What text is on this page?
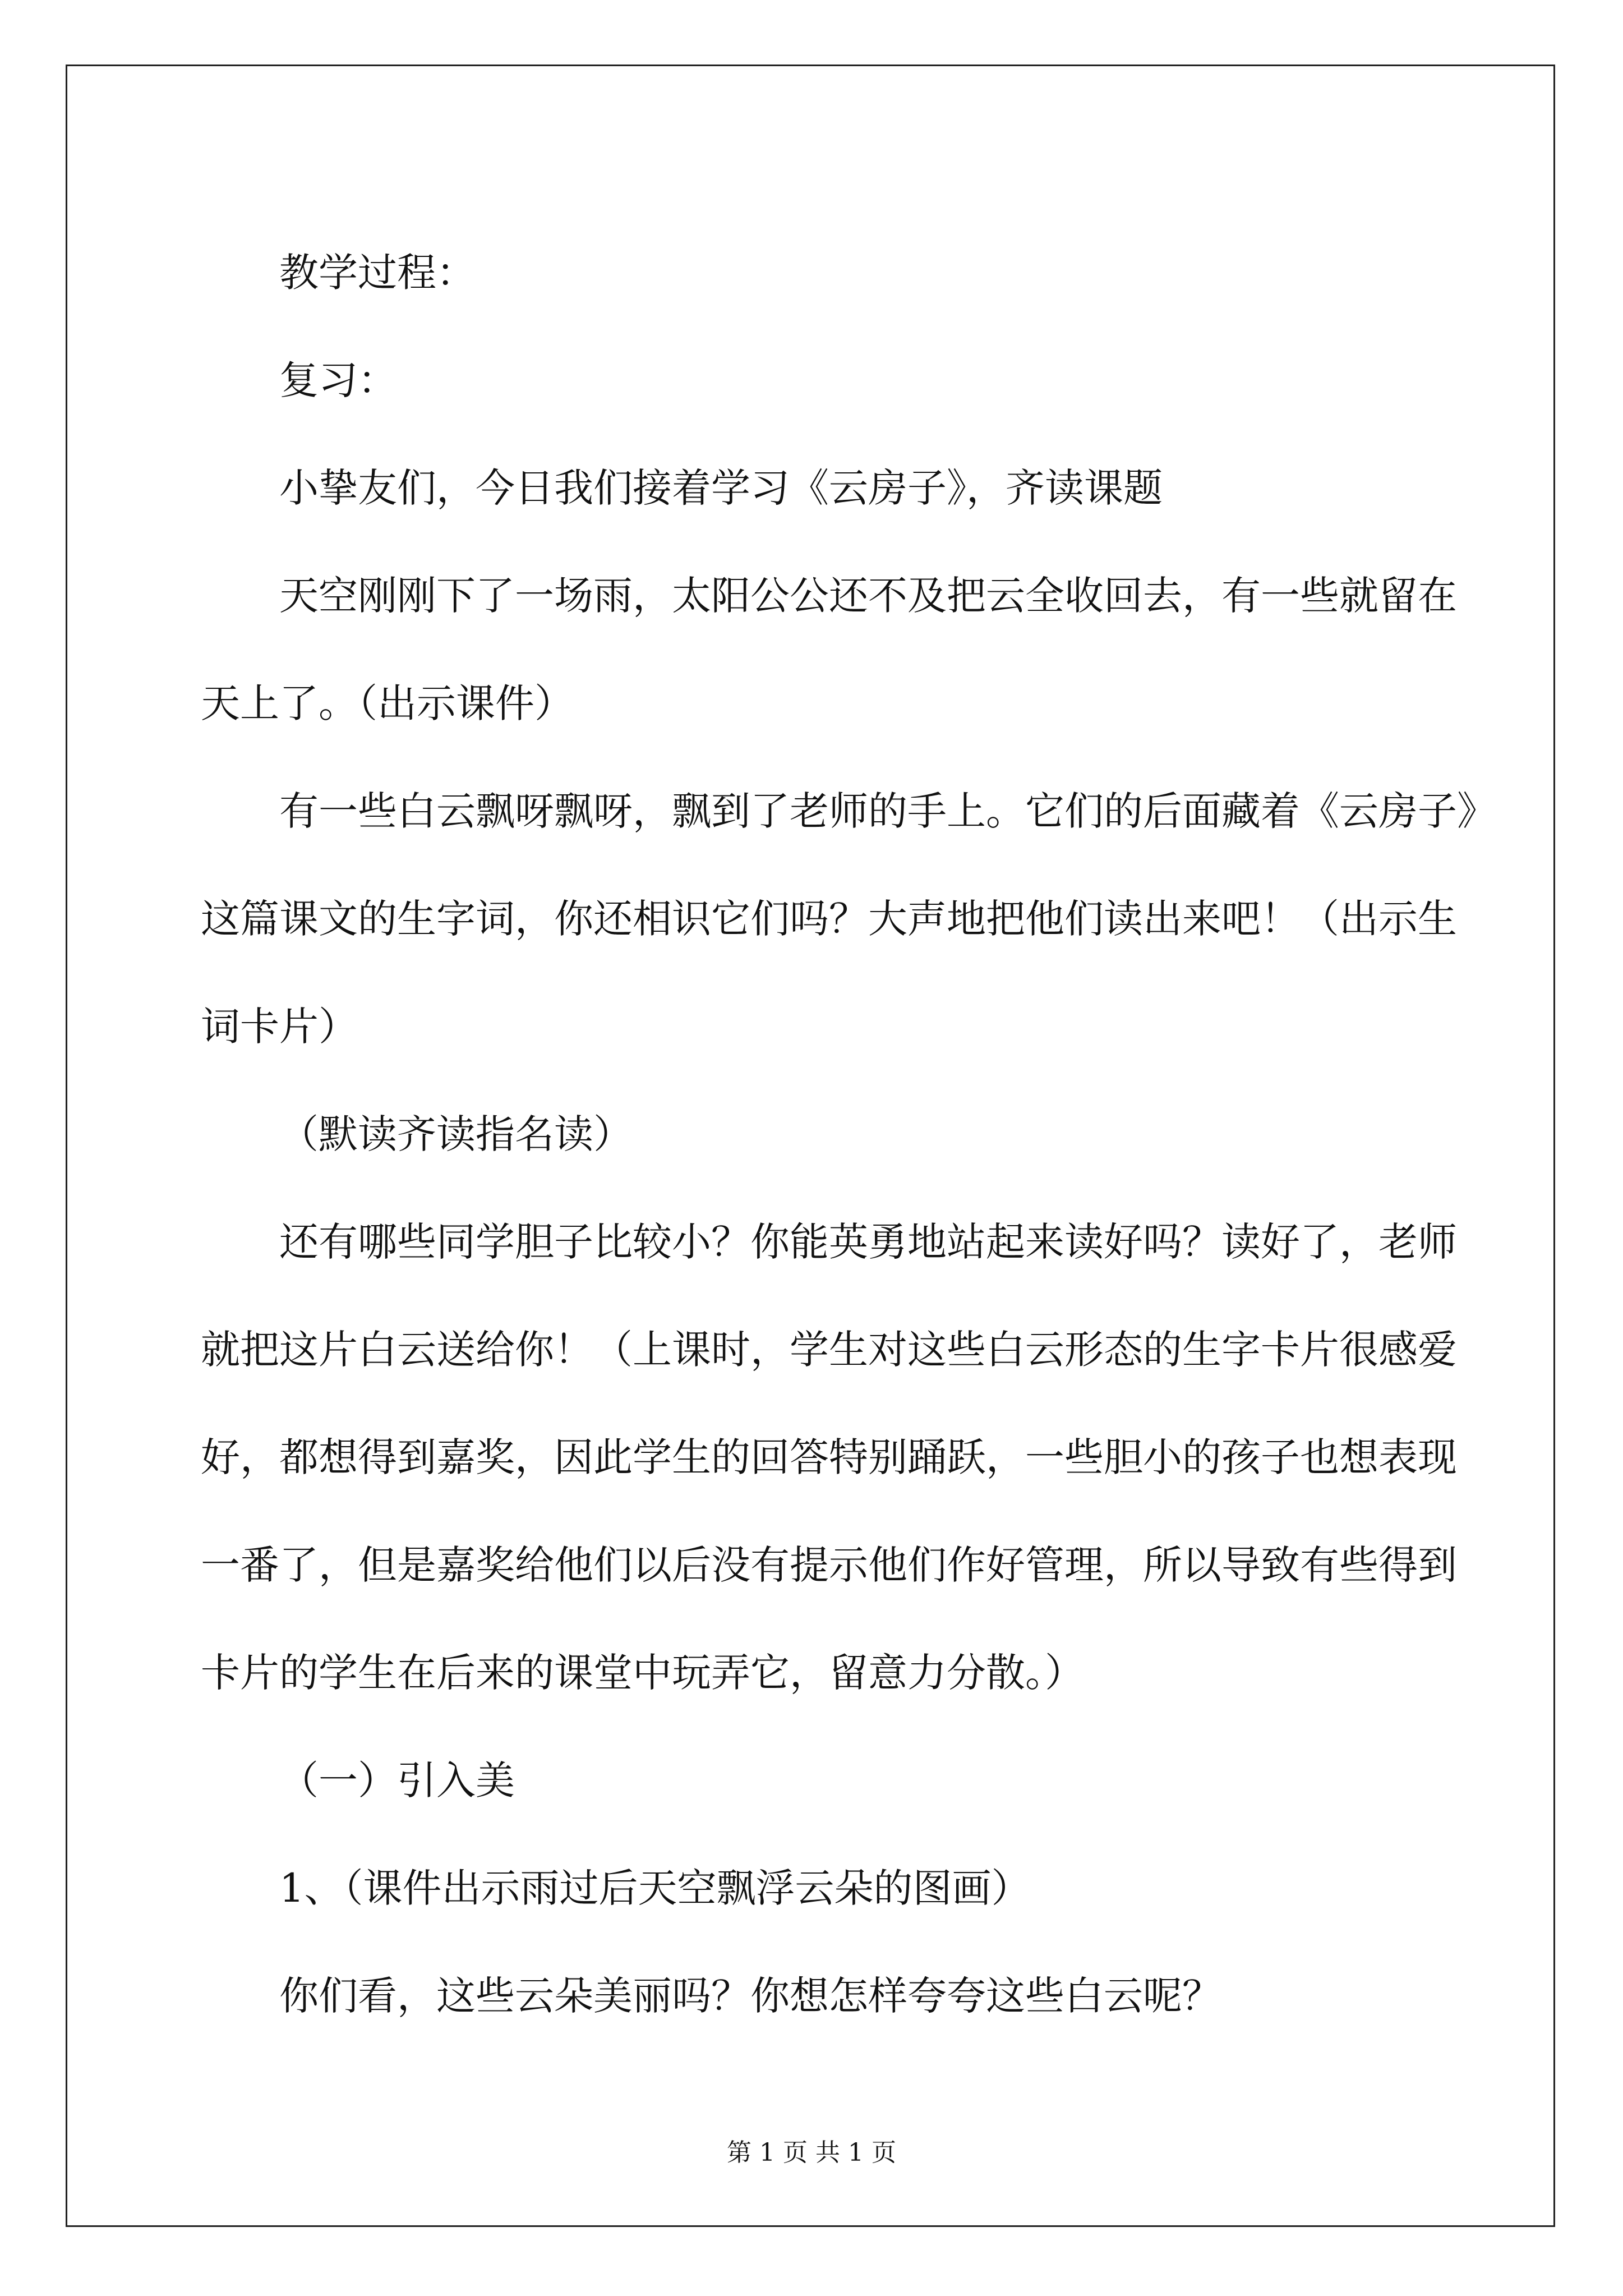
教学过程：

复习：

小挚友们，今日我们接着学习《云房子》，齐读课题

天空刚刚下了一场雨，太阳公公还不及把云全收回去，有一些就留在天上了。（出示课件）

有一些白云飘呀飘呀，飘到了老师的手上。它们的后面藏着《云房子》这篇课文的生字词，你还相识它们吗？大声地把他们读出来吧！（出示生词卡片）

（默读齐读指名读）

还有哪些同学胆子比较小？你能英勇地站起来读好吗？读好了，老师就把这片白云送给你！（上课时，学生对这些白云形态的生字卡片很感爱好，都想得到嘉奖，因此学生的回答特别踊跃，一些胆小的孩子也想表现一番了，但是嘉奖给他们以后没有提示他们作好管理，所以导致有些得到卡片的学生在后来的课堂中玩弄它，留意力分散。）

（一）引入美

1、（课件出示雨过后天空飘浮云朵的图画）

你们看，这些云朵美丽吗？你想怎样夸夸这些白云呢？

第 1 页 共 1 页
